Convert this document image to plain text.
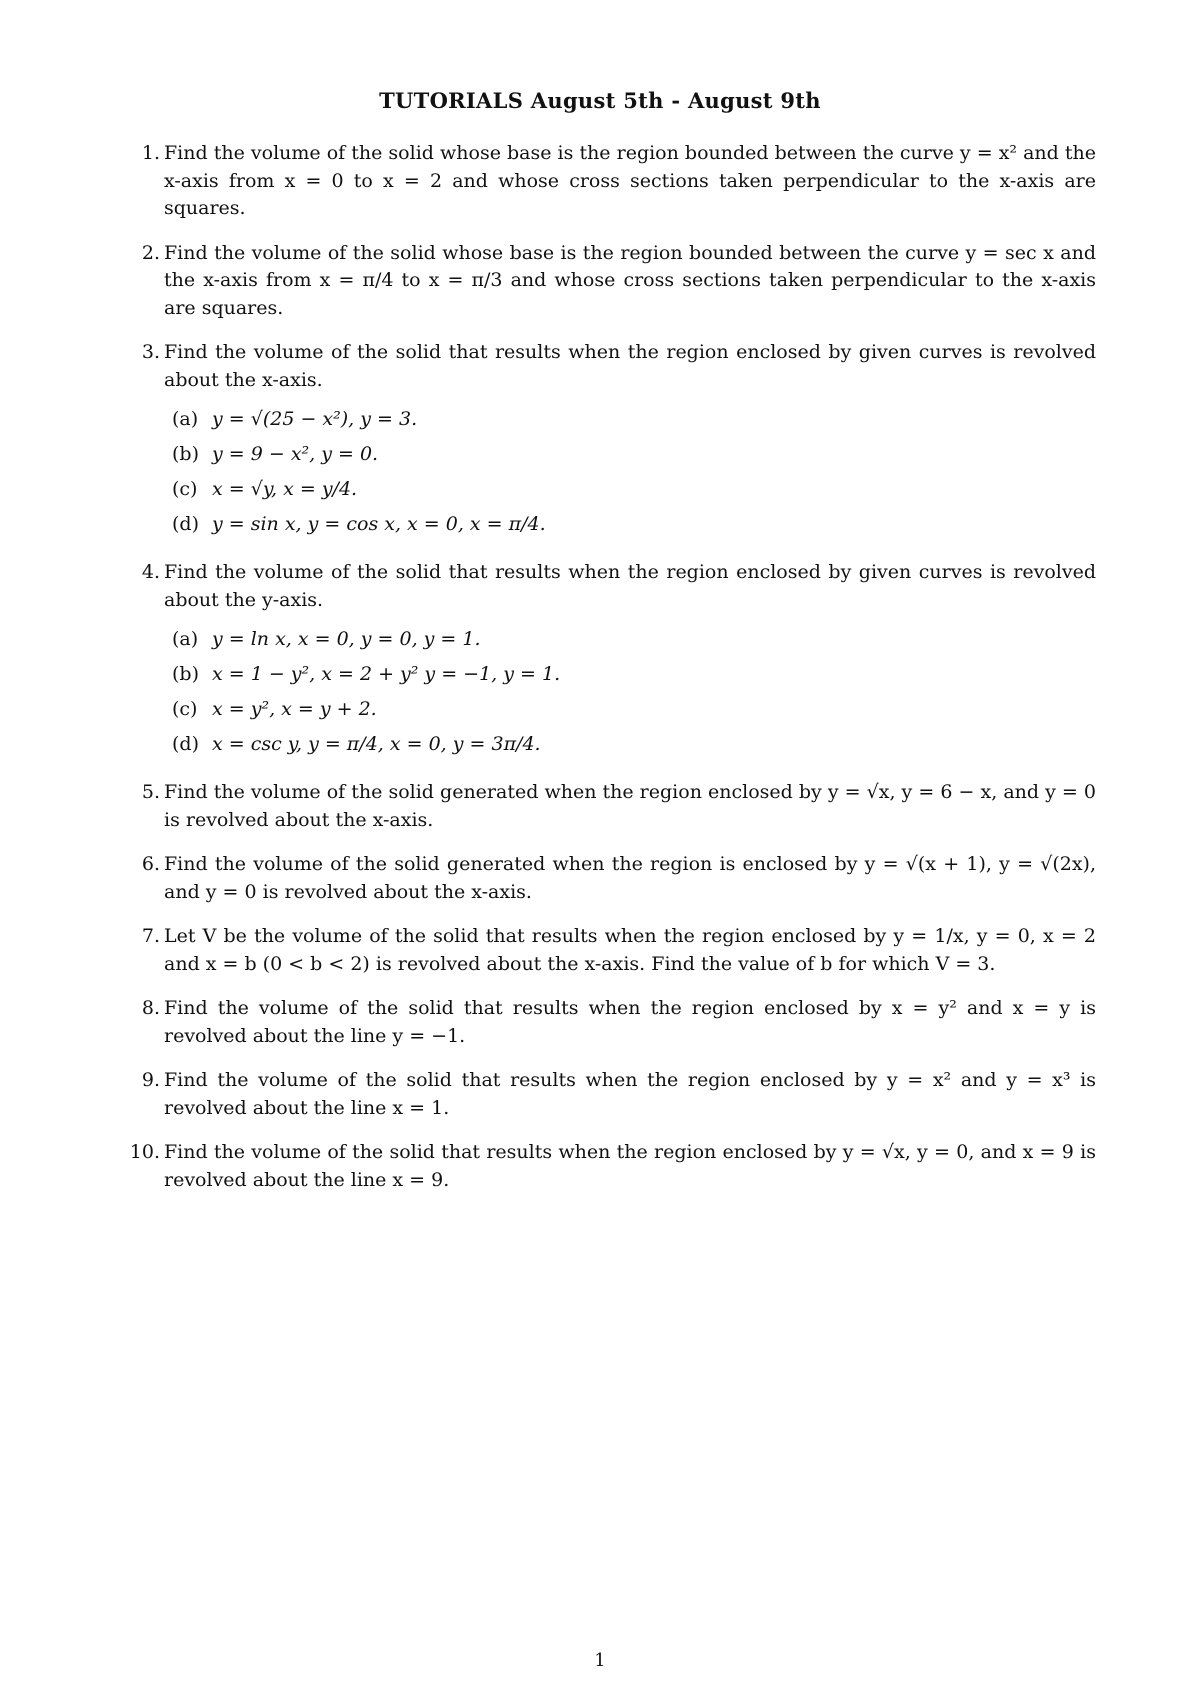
TUTORIALS August 5th - August 9th
1. Find the volume of the solid whose base is the region bounded between the curve y = x² and the x-axis from x = 0 to x = 2 and whose cross sections taken perpendicular to the x-axis are squares.
2. Find the volume of the solid whose base is the region bounded between the curve y = sec x and the x-axis from x = π/4 to x = π/3 and whose cross sections taken perpendicular to the x-axis are squares.
3. Find the volume of the solid that results when the region enclosed by given curves is revolved about the x-axis.
(a) y = √(25 − x²), y = 3.
(b) y = 9 − x², y = 0.
(c) x = √y, x = y/4.
(d) y = sin x, y = cos x, x = 0, x = π/4.
4. Find the volume of the solid that results when the region enclosed by given curves is revolved about the y-axis.
(a) y = ln x, x = 0, y = 0, y = 1.
(b) x = 1 − y², x = 2 + y² y = −1, y = 1.
(c) x = y², x = y + 2.
(d) x = csc y, y = π/4, x = 0, y = 3π/4.
5. Find the volume of the solid generated when the region enclosed by y = √x, y = 6 − x, and y = 0 is revolved about the x-axis.
6. Find the volume of the solid generated when the region is enclosed by y = √(x + 1), y = √(2x), and y = 0 is revolved about the x-axis.
7. Let V be the volume of the solid that results when the region enclosed by y = 1/x, y = 0, x = 2 and x = b (0 < b < 2) is revolved about the x-axis. Find the value of b for which V = 3.
8. Find the volume of the solid that results when the region enclosed by x = y² and x = y is revolved about the line y = −1.
9. Find the volume of the solid that results when the region enclosed by y = x² and y = x³ is revolved about the line x = 1.
10. Find the volume of the solid that results when the region enclosed by y = √x, y = 0, and x = 9 is revolved about the line x = 9.
1
